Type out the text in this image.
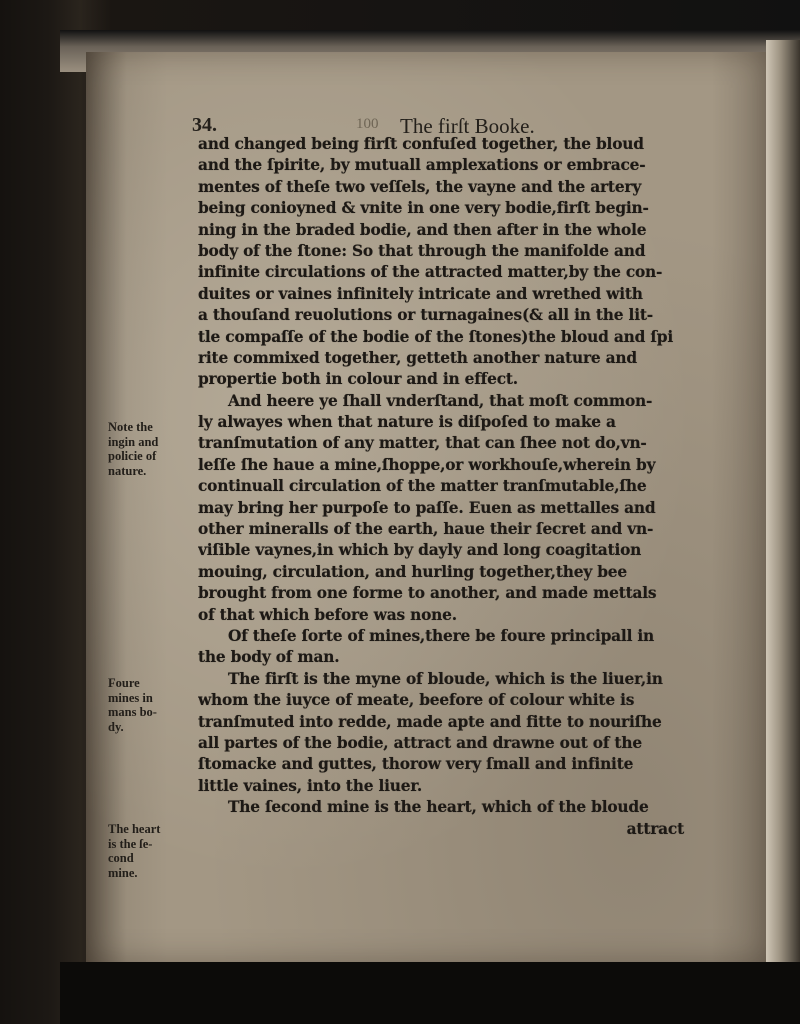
34.	100 The firſt Booke.
and changed being firſt confuſed together, the bloud
and the ſpirite, by mutuall amplexations or embrace-
mentes of theſe two veſſels, the vayne and the artery
being conioyned & vnite in one very bodie,firſt begin-
ning in the braded bodie, and then after in the whole
body of the ſtone: So that through the manifolde and
infinite circulations of the attracted matter,by the con-
duites or vaines infinitely intricate and wrethed with
a thouſand reuolutions or turnagaines(& all in the lit-
tle compaſſe of the bodie of the ſtones)the bloud and ſpi
rite commixed together, getteth another nature and
propertie both in colour and in effect.
And heere ye ſhall vnderſtand, that moſt common-
ly alwayes when that nature is diſpoſed to make a
tranſmutation of any matter, that can ſhee not do,vn-
leſſe ſhe haue a mine,ſhoppe,or workhouſe,wherein by
continuall circulation of the matter tranſmutable,ſhe
may bring her purpoſe to paſſe. Euen as mettalles and
other mineralls of the earth, haue their ſecret and vn-
viſible vaynes,in which by dayly and long coagitation
mouing, circulation, and hurling together,they bee
brought from one forme to another, and made mettals
of that which before was none.
Of theſe ſorte of mines,there be foure principall in
the body of man.
The firſt is the myne of bloude, which is the liuer,in
whom the iuyce of meate, beefore of colour white is
tranſmuted into redde, made apte and fitte to nouriſhe
all partes of the bodie, attract and drawne out of the
ſtomacke and guttes, thorow very ſmall and infinite
little vaines, into the liuer.
The ſecond mine is the heart, which of the bloude
attract
Note the
ingin and
policie of
nature.
Foure
mines in
mans bo-
dy.
The heart
is the ſe-
cond
mine.
